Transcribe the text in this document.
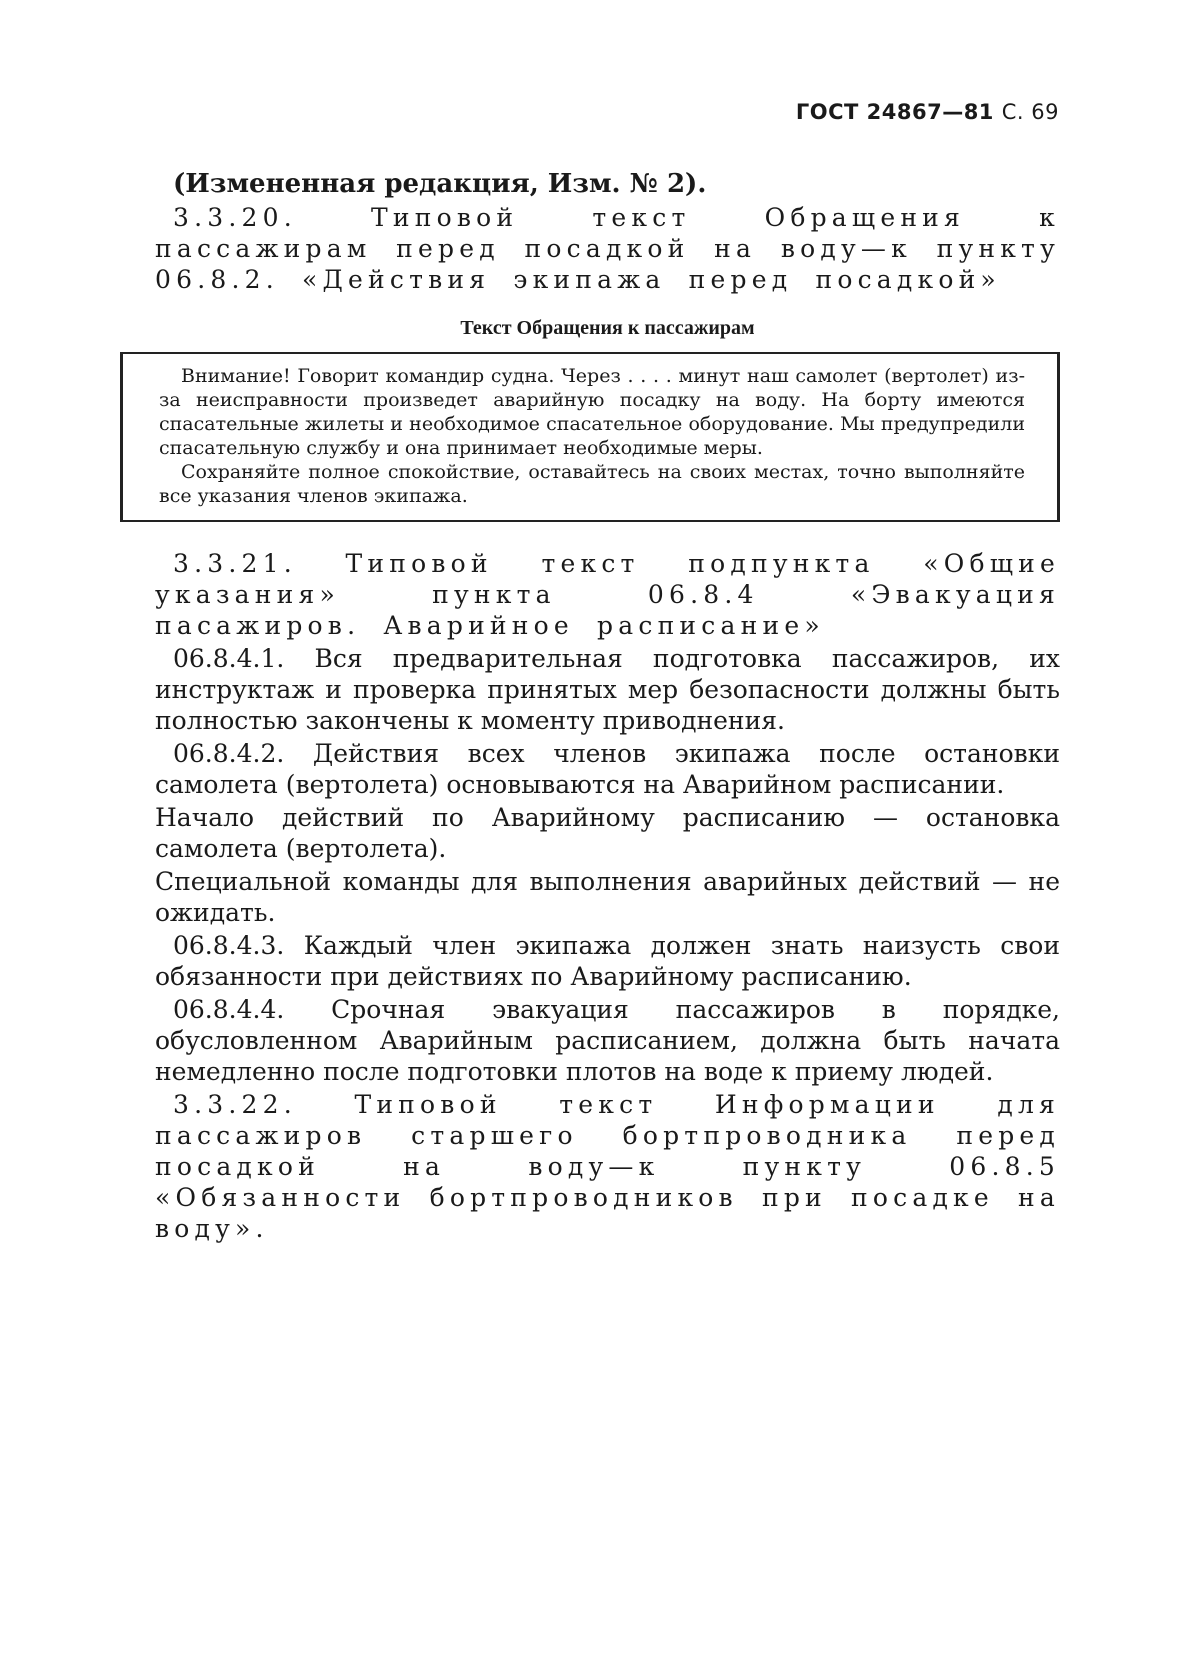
ГОСТ 24867—81 С. 69

(Измененная редакция, Изм. № 2).

3.3.20. Типовой текст Обращения к пассажирам перед посадкой на воду—к пункту 06.8.2. «Действия экипажа перед посадкой»

Текст Обращения к пассажирам

Внимание! Говорит командир судна. Через . . . . минут наш самолет (вертолет) из-за неисправности произведет аварийную посадку на воду. На борту имеются спасательные жилеты и необходимое спасательное оборудование. Мы предупредили спасательную службу и она принимает необходимые меры.

Сохраняйте полное спокойствие, оставайтесь на своих местах, точно выполняйте все указания членов экипажа.

3.3.21. Типовой текст подпункта «Общие указания» пункта 06.8.4 «Эвакуация пасажиров. Аварийное расписание»

06.8.4.1. Вся предварительная подготовка пассажиров, их инструктаж и проверка принятых мер безопасности должны быть полностью закончены к моменту приводнения.

06.8.4.2. Действия всех членов экипажа после остановки самолета (вертолета) основываются на Аварийном расписании.

Начало действий по Аварийному расписанию — остановка самолета (вертолета).

Специальной команды для выполнения аварийных действий — не ожидать.

06.8.4.3. Каждый член экипажа должен знать наизусть свои обязанности при действиях по Аварийному расписанию.

06.8.4.4. Срочная эвакуация пассажиров в порядке, обусловленном Аварийным расписанием, должна быть начата немедленно после подготовки плотов на воде к приему людей.

3.3.22. Типовой текст Информации для пассажиров старшего бортпроводника перед посадкой на воду—к пункту 06.8.5 «Обязанности бортпроводников при посадке на воду».
